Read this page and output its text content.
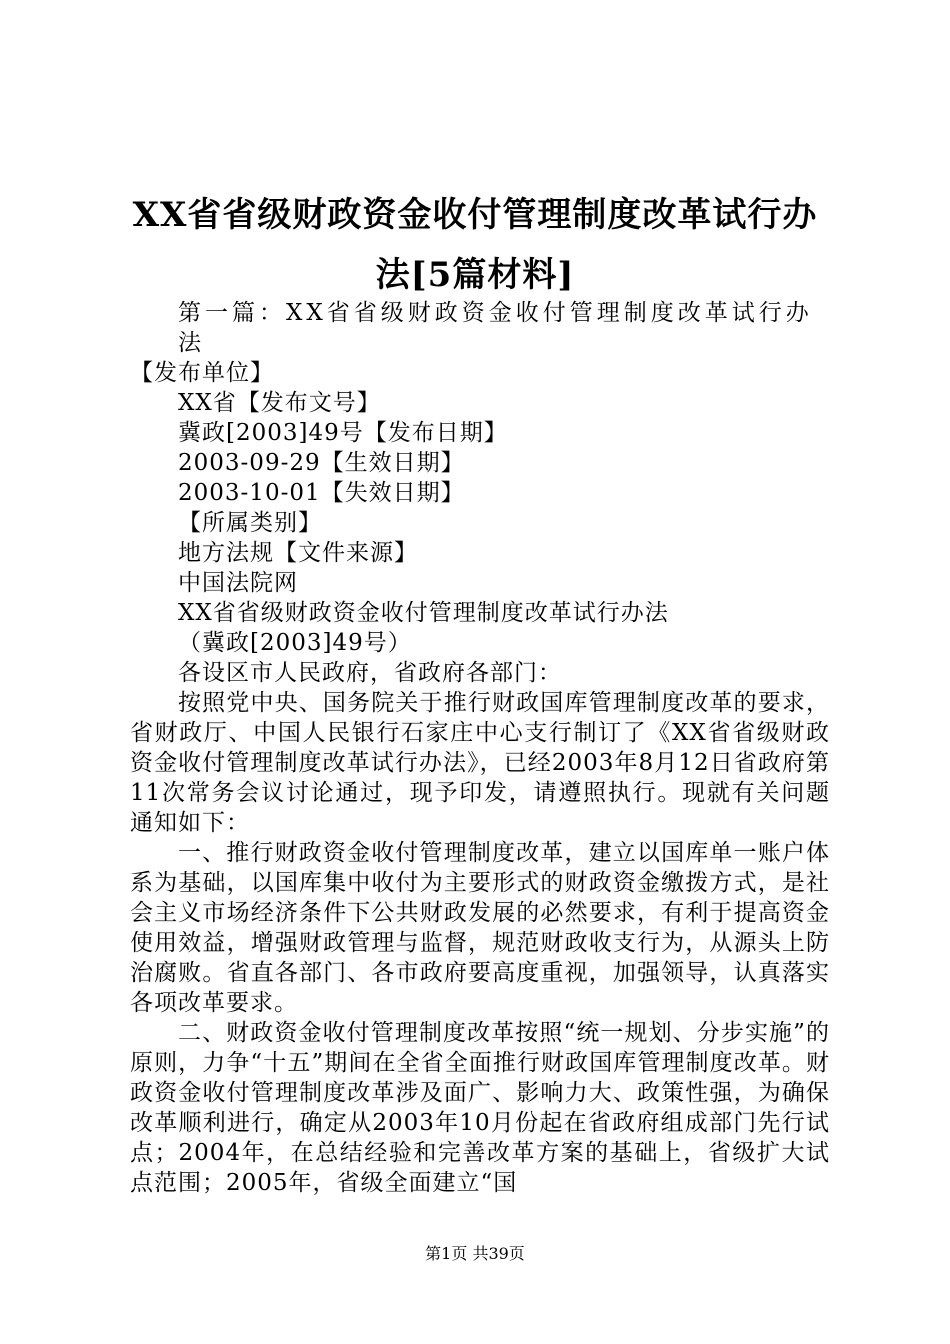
XX省省级财政资金收付管理制度改革试行办
法[5篇材料]

第一篇：XX省省级财政资金收付管理制度改革试行办法

【发布单位】

XX省【发布文号】

冀政[2003]49号【发布日期】

2003-09-29【生效日期】

2003-10-01【失效日期】

【所属类别】

地方法规【文件来源】

中国法院网

XX省省级财政资金收付管理制度改革试行办法

（冀政[2003]49号）

各设区市人民政府，省政府各部门：

按照党中央、国务院关于推行财政国库管理制度改革的要求，省财政厅、中国人民银行石家庄中心支行制订了《XX省省级财政资金收付管理制度改革试行办法》，已经2003年8月12日省政府第11次常务会议讨论通过，现予印发，请遵照执行。现就有关问题通知如下：

一、推行财政资金收付管理制度改革，建立以国库单一账户体系为基础，以国库集中收付为主要形式的财政资金缴拨方式，是社会主义市场经济条件下公共财政发展的必然要求，有利于提高资金使用效益，增强财政管理与监督，规范财政收支行为，从源头上防治腐败。省直各部门、各市政府要高度重视，加强领导，认真落实各项改革要求。

二、财政资金收付管理制度改革按照“统一规划、分步实施”的原则，力争“十五”期间在全省全面推行财政国库管理制度改革。财政资金收付管理制度改革涉及面广、影响力大、政策性强，为确保改革顺利进行，确定从2003年10月份起在省政府组成部门先行试点；2004年，在总结经验和完善改革方案的基础上，省级扩大试点范围；2005年，省级全面建立“国

第1页 共39页
